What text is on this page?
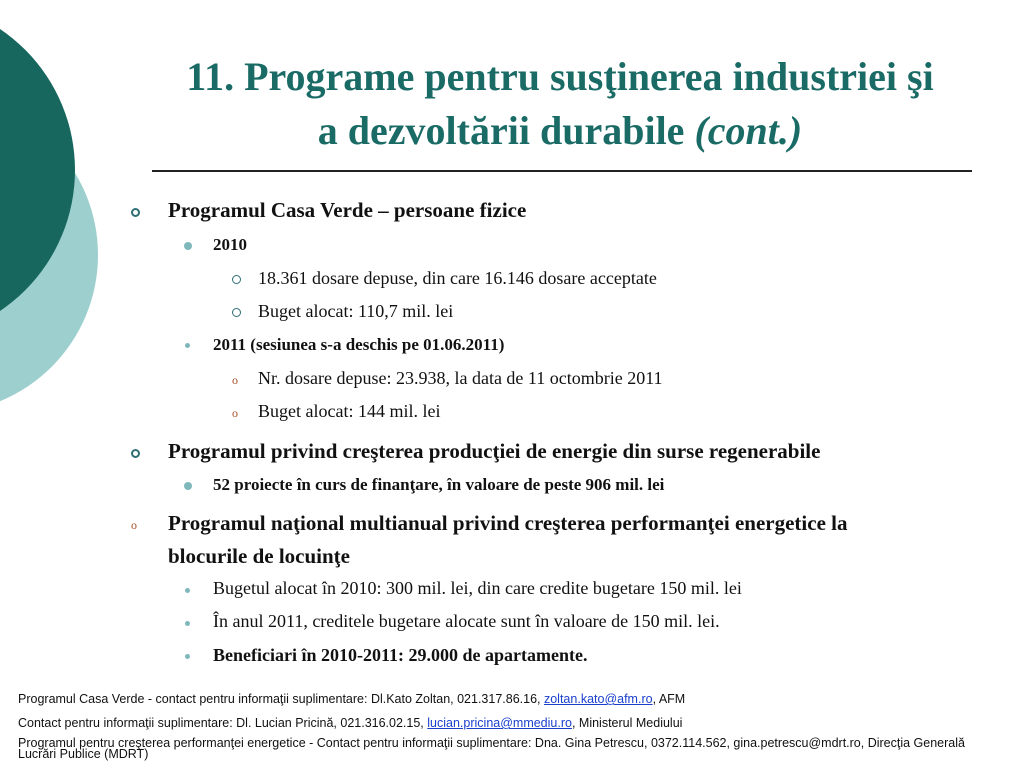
11. Programe pentru susţinerea industriei şi
a dezvoltării durabile (cont.)
Programul Casa Verde – persoane fizice
2010
18.361 dosare depuse, din care 16.146 dosare acceptate
Buget alocat: 110,7 mil. lei
2011 (sesiunea s-a deschis pe 01.06.2011)
o Nr. dosare depuse: 23.938, la data de 11 octombrie 2011
o Buget alocat: 144 mil. lei
Programul privind creşterea producţiei de energie din surse regenerabile
52 proiecte în curs de finanţare, în valoare de peste 906 mil. lei
o Programul naţional multianual privind creşterea performanţei energetice la
blocurile de locuinţe
Bugetul alocat în 2010: 300 mil. lei, din care credite bugetare 150 mil. lei
În anul 2011, creditele bugetare alocate sunt în valoare de 150 mil. lei.
Beneficiari în 2010-2011: 29.000 de apartamente.
Programul Casa Verde - contact pentru informaţii suplimentare: Dl.Kato Zoltan, 021.317.86.16, zoltan.kato@afm.ro, AFM
Contact pentru informaţii suplimentare: Dl. Lucian Pricină, 021.316.02.15, lucian.pricina@mmediu.ro, Ministerul Mediului
Programul pentru creşterea performanţei energetice - Contact pentru informaţii suplimentare: Dna. Gina Petrescu, 0372.114.562, gina.petrescu@mdrt.ro, Direcţia Generală
Lucrări Publice (MDRT)
